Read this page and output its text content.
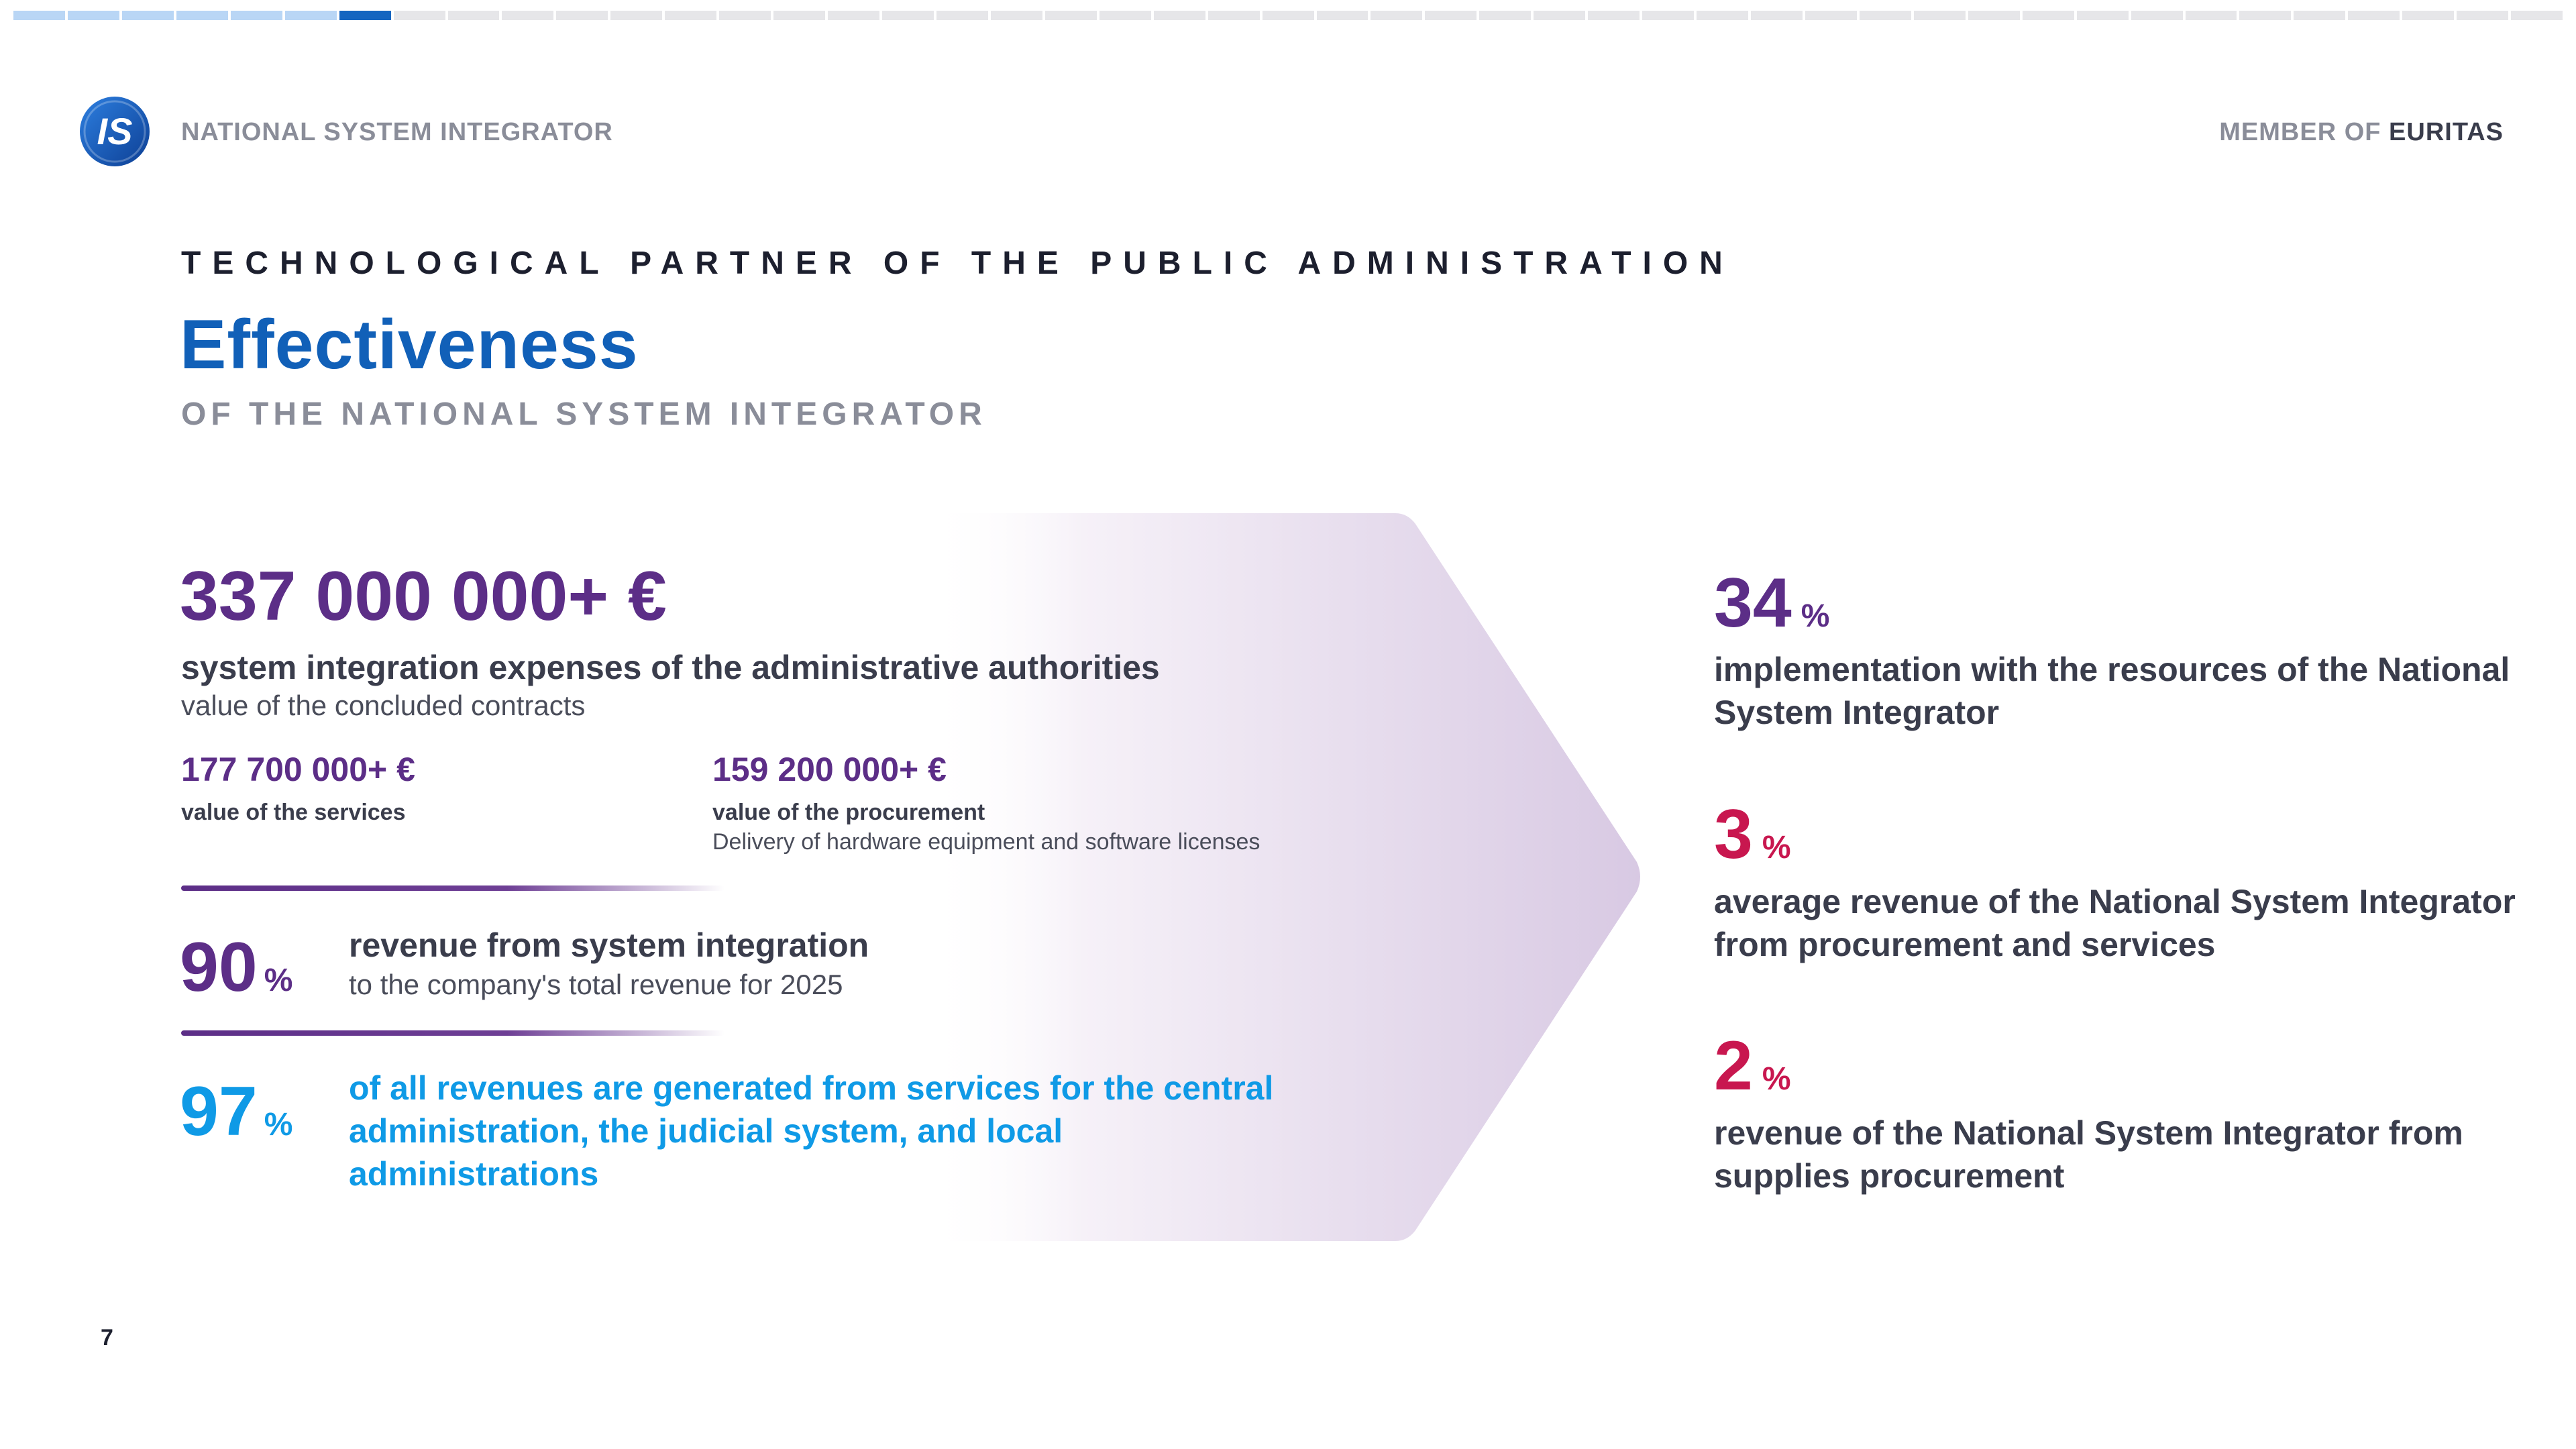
IS NATIONAL SYSTEM INTEGRATOR	MEMBER OF EURITAS
TECHNOLOGICAL PARTNER OF THE PUBLIC ADMINISTRATION
Effectiveness
OF THE NATIONAL SYSTEM INTEGRATOR
337 000 000+ €
system integration expenses of the administrative authorities
value of the concluded contracts
177 700 000+ €
value of the services
159 200 000+ €
value of the procurement
Delivery of hardware equipment and software licenses
90 %
revenue from system integration
to the company's total revenue for 2025
97 %
of all revenues are generated from services for the central administration, the judicial system, and local administrations
34 %
implementation with the resources of the National System Integrator
3 %
average revenue of the National System Integrator from procurement and services
2 %
revenue of the National System Integrator from supplies procurement
7
